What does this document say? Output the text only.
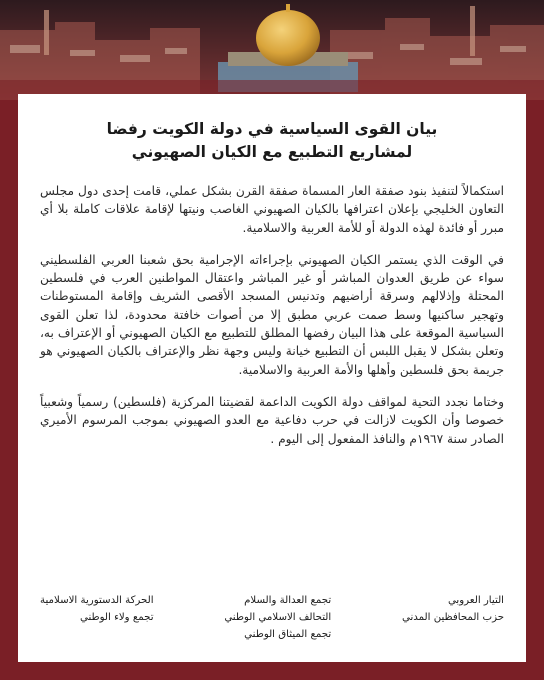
بيان القوى السياسية في دولة الكويت رفضا
لمشاريع التطبيع مع الكيان الصهيوني

استكمالاً لتنفيذ بنود صفقة العار المسماة صفقة القرن بشكل عملي، قامت إحدى دول مجلس التعاون الخليجي بإعلان اعترافها بالكيان الصهيوني الغاصب ونيتها لإقامة علاقات كاملة بلا أي مبرر أو فائدة لهذه الدولة أو للأمة العربية والاسلامية.

في الوقت الذي يستمر الكيان الصهيوني بإجراءاته الإجرامية بحق شعبنا العربي الفلسطيني سواء عن طريق العدوان المباشر أو غير المباشر واعتقال المواطنين العرب في فلسطين المحتلة وإذلالهم وسرقة أراضيهم وتدنيس المسجد الأقصى الشريف وإقامة المستوطنات وتهجير ساكنيها وسط صمت عربي مطبق إلا من أصوات خافتة محدودة، لذا تعلن القوى السياسية الموقعة على هذا البيان رفضها المطلق للتطبيع مع الكيان الصهيوني أو الإعتراف به، وتعلن بشكل لا يقبل اللبس أن التطبيع خيانة وليس وجهة نظر والإعتراف بالكيان الصهيوني هو جريمة بحق فلسطين وأهلها والأمة العربية والاسلامية.

وختاما نجدد التحية لمواقف دولة الكويت الداعمة لقضيتنا المركزية (فلسطين) رسمياً وشعبياً خصوصا وأن الكويت لازالت في حرب دفاعية مع العدو الصهيوني بموجب المرسوم الأميري الصادر سنة ١٩٦٧م والنافذ المفعول إلى اليوم .

التيار العروبي
حزب المحافظين المدني
تجمع العدالة والسلام
التحالف الاسلامي الوطني
تجمع الميثاق الوطني
الحركة الدستورية الاسلامية
تجمع ولاء الوطني
